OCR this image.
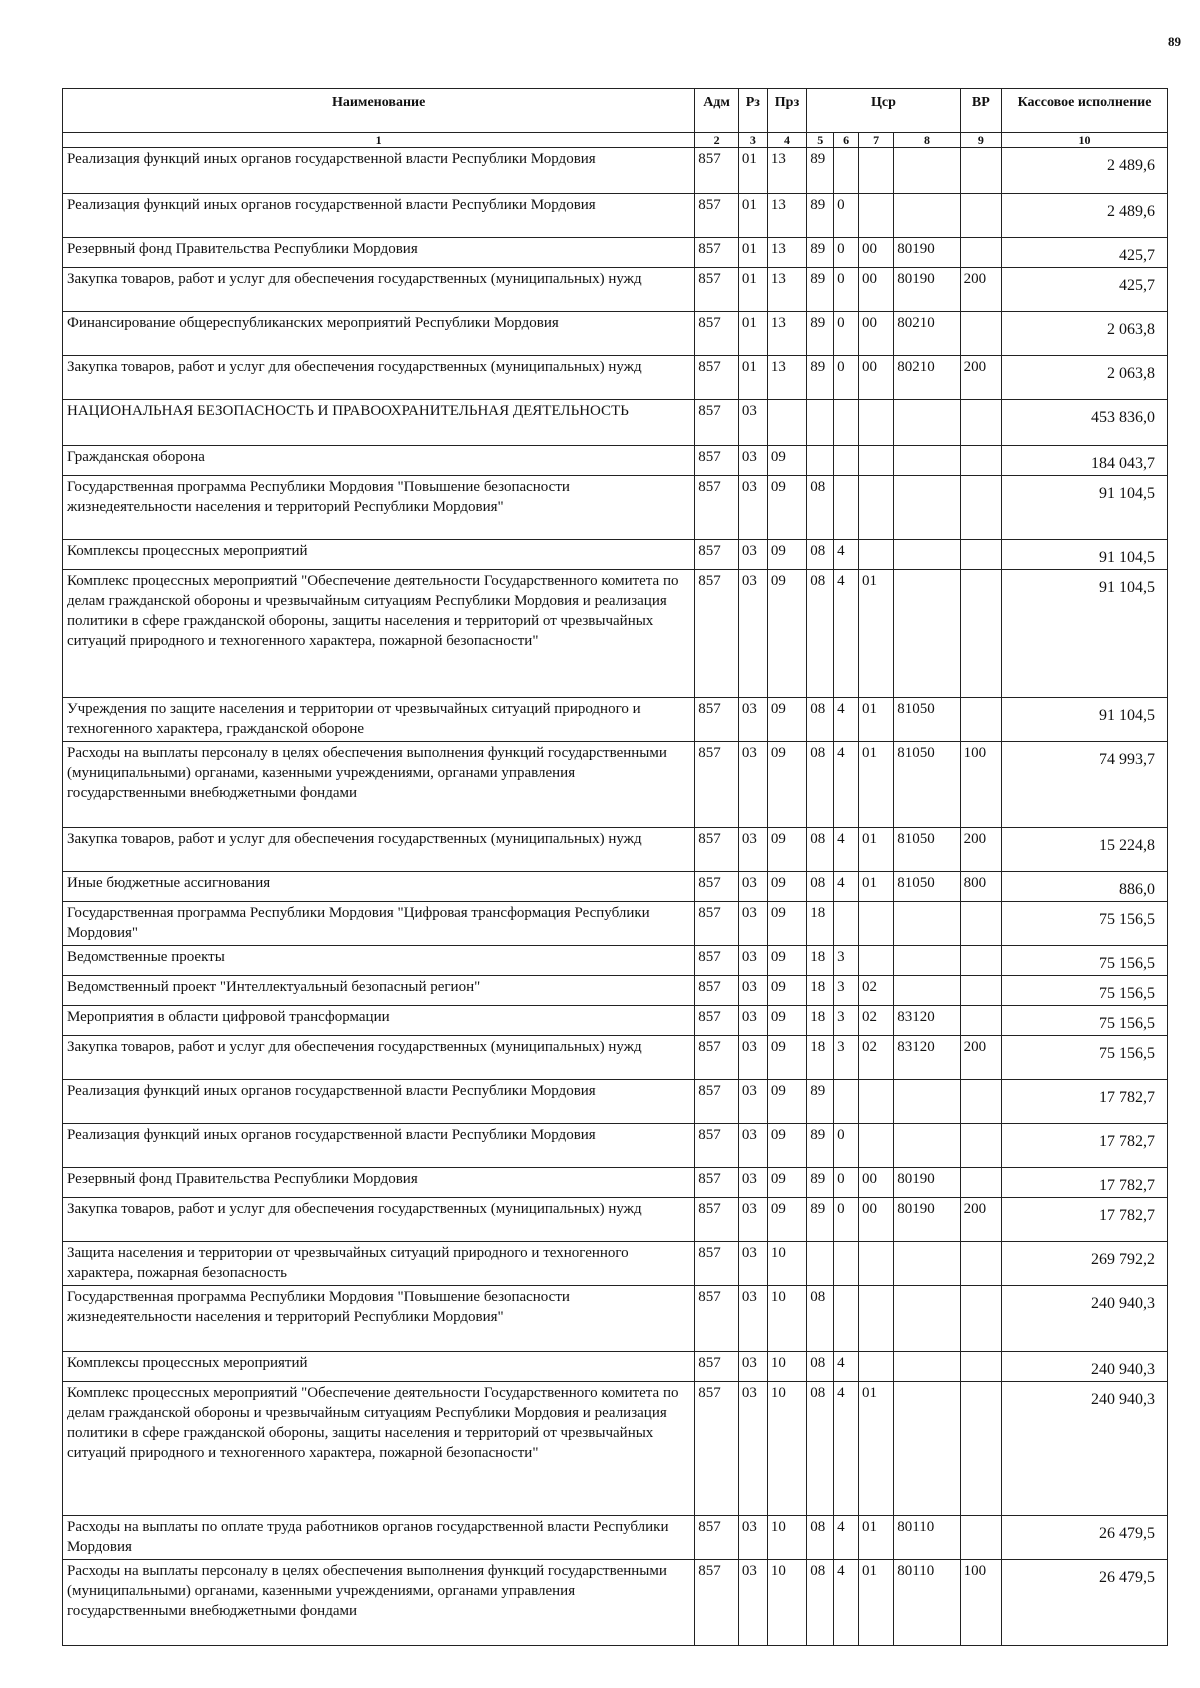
89
Наименование	Адм	Рз	Прз	Цср				ВР	Кассовое исполнение
1	2	3	4	5	6	7	8	9	10
Реализация функций иных органов государственной власти Республики Мордовия	857	01	13	89					2 489,6
Реализация функций иных органов государственной власти Республики Мордовия	857	01	13	89	0				2 489,6
Резервный фонд Правительства Республики Мордовия	857	01	13	89	0	00	80190		425,7
Закупка товаров, работ и услуг для обеспечения государственных (муниципальных) нужд	857	01	13	89	0	00	80190	200	425,7
Финансирование общереспубликанских мероприятий Республики Мордовия	857	01	13	89	0	00	80210		2 063,8
Закупка товаров, работ и услуг для обеспечения государственных (муниципальных) нужд	857	01	13	89	0	00	80210	200	2 063,8
НАЦИОНАЛЬНАЯ БЕЗОПАСНОСТЬ И ПРАВООХРАНИТЕЛЬНАЯ ДЕЯТЕЛЬНОСТЬ	857	03							453 836,0
Гражданская оборона	857	03	09						184 043,7
Государственная программа Республики Мордовия "Повышение безопасности жизнедеятельности населения и территорий Республики Мордовия"	857	03	09	08					91 104,5
Комплексы процессных мероприятий	857	03	09	08	4				91 104,5
Комплекс процессных мероприятий "Обеспечение деятельности Государственного комитета по делам гражданской обороны и чрезвычайным ситуациям Республики Мордовия и реализация политики в сфере гражданской обороны, защиты населения и территорий от чрезвычайных ситуаций природного и техногенного характера, пожарной безопасности"	857	03	09	08	4	01			91 104,5
Учреждения по защите населения и территории от чрезвычайных ситуаций природного и техногенного характера, гражданской обороне	857	03	09	08	4	01	81050		91 104,5
Расходы на выплаты персоналу в целях обеспечения выполнения функций государственными (муниципальными) органами, казенными учреждениями, органами управления государственными внебюджетными фондами	857	03	09	08	4	01	81050	100	74 993,7
Закупка товаров, работ и услуг для обеспечения государственных (муниципальных) нужд	857	03	09	08	4	01	81050	200	15 224,8
Иные бюджетные ассигнования	857	03	09	08	4	01	81050	800	886,0
Государственная программа Республики Мордовия "Цифровая трансформация Республики Мордовия"	857	03	09	18					75 156,5
Ведомственные проекты	857	03	09	18	3				75 156,5
Ведомственный проект "Интеллектуальный безопасный регион"	857	03	09	18	3	02			75 156,5
Мероприятия в области цифровой трансформации	857	03	09	18	3	02	83120		75 156,5
Закупка товаров, работ и услуг для обеспечения государственных (муниципальных) нужд	857	03	09	18	3	02	83120	200	75 156,5
Реализация функций иных органов государственной власти Республики Мордовия	857	03	09	89					17 782,7
Реализация функций иных органов государственной власти Республики Мордовия	857	03	09	89	0				17 782,7
Резервный фонд Правительства Республики Мордовия	857	03	09	89	0	00	80190		17 782,7
Закупка товаров, работ и услуг для обеспечения государственных (муниципальных) нужд	857	03	09	89	0	00	80190	200	17 782,7
Защита населения и территории от чрезвычайных ситуаций природного и техногенного характера, пожарная безопасность	857	03	10						269 792,2
Государственная программа Республики Мордовия "Повышение безопасности жизнедеятельности населения и территорий Республики Мордовия"	857	03	10	08					240 940,3
Комплексы процессных мероприятий	857	03	10	08	4				240 940,3
Комплекс процессных мероприятий "Обеспечение деятельности Государственного комитета по делам гражданской обороны и чрезвычайным ситуациям Республики Мордовия и реализация политики в сфере гражданской обороны, защиты населения и территорий от чрезвычайных ситуаций природного и техногенного характера, пожарной безопасности"	857	03	10	08	4	01			240 940,3
Расходы на выплаты по оплате труда работников органов государственной власти Республики Мордовия	857	03	10	08	4	01	80110		26 479,5
Расходы на выплаты персоналу в целях обеспечения выполнения функций государственными (муниципальными) органами, казенными учреждениями, органами управления государственными внебюджетными фондами	857	03	10	08	4	01	80110	100	26 479,5
